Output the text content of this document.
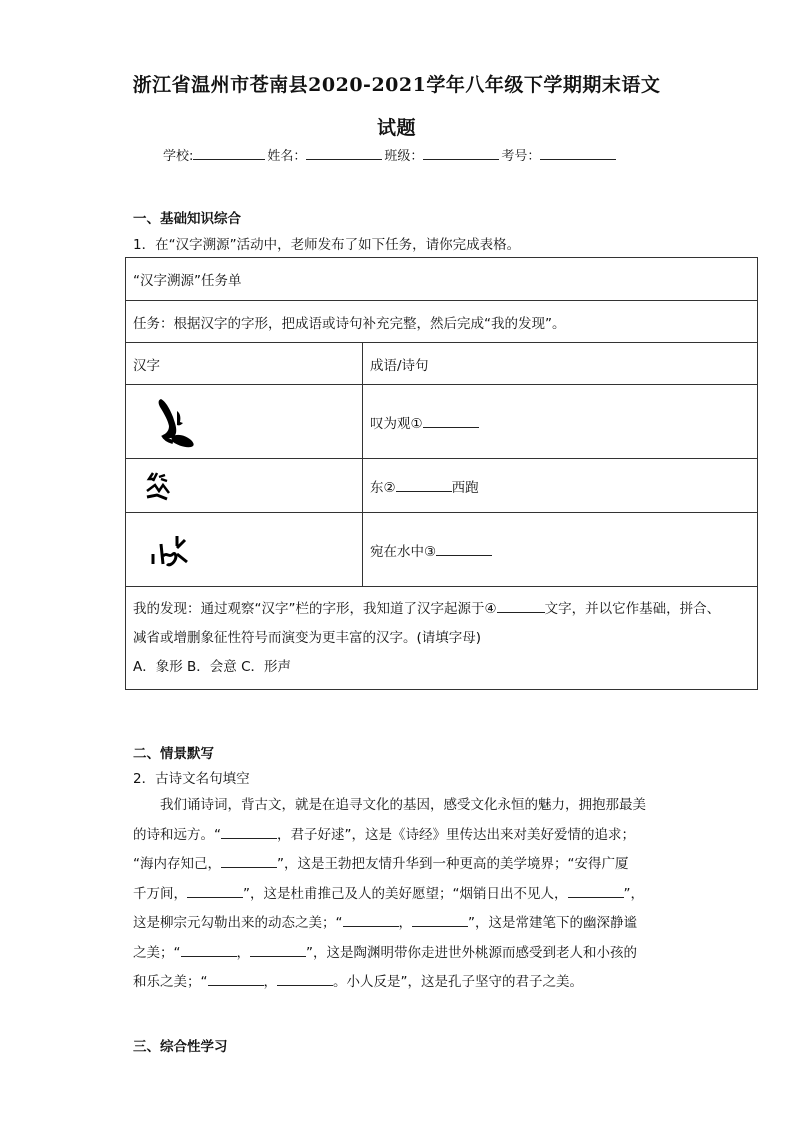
浙江省温州市苍南县2020-2021学年八年级下学期期末语文
试题
学校:	姓名：	班级：	考号：
一、基础知识综合
1．在“汉字溯源”活动中，老师发布了如下任务，请你完成表格。
“汉字溯源”任务单	
任务：根据汉字的字形，把成语或诗句补充完整，然后完成“我的发现”。	
汉字	成语/诗句

	叹为观①

	东② 西跑

	宛在水中③

我的发现：通过观察“汉字”栏的字形，我知道了汉字起源于④ 文字，并以它作基础，拼合、
减省或增删象征性符号而演变为更丰富的汉字。(请填字母)
A．象形 B．会意 C．形声	
二、情景默写
2．古诗文名句填空
我们诵诗词，背古文，就是在追寻文化的基因，感受文化永恒的魅力，拥抱那最美
的诗和远方。“	，君子好逑”，这是《诗经》里传达出来对美好爱情的追求；
“海内存知己，	”，这是王勃把友情升华到一种更高的美学境界；“安得广厦
千万间，	”，这是杜甫推己及人的美好愿望；“烟销日出不见人，	”，
这是柳宗元勾勒出来的动态之美；“	，	”，这是常建笔下的幽深静谧
之美；“	，	”，这是陶渊明带你走进世外桃源而感受到老人和小孩的
和乐之美；“	，	。小人反是”，这是孔子坚守的君子之美。
三、综合性学习
